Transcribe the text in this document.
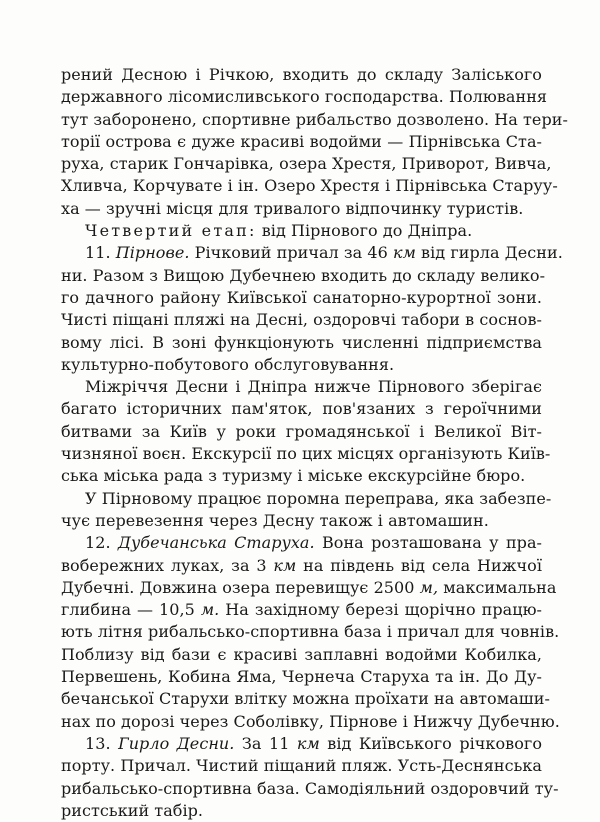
рений Десною і Річкою, входить до складу Заліського
державного лісомисливського господарства. Полювання
тут заборонено, спортивне рибальство дозволено. На тери-
торії острова є дуже красиві водойми — Пірнівська Ста-
руха, старик Гончарівка, озера Хрестя, Приворот, Вивча,
Хливча, Корчувате і ін. Озеро Хрестя і Пірнівська Старуу-
ха — зручні місця для тривалого відпочинку туристів.
Четвертий етап: від Пірнового до Дніпра.
11. Пірнове. Річковий причал за 46 км від гирла Десни.
ни. Разом з Вищою Дубечнею входить до складу велико-
го дачного району Київської санаторно-курортної зони.
Чисті піщані пляжі на Десні, оздоровчі табори в соснов-
вому лісі. В зоні функціонують численні підприємства
культурно-побутового обслуговування.
Міжріччя Десни і Дніпра нижче Пірнового зберігає
багато історичних пам'яток, пов'язаних з героїчними
битвами за Київ у роки громадянської і Великої Віт-
чизняної воєн. Екскурсії по цих місцях організують Київ-
ська міська рада з туризму і міське екскурсійне бюро.
У Пірновому працює поромна переправа, яка забезпе-
чує перевезення через Десну також і автомашин.
12. Дубечанська Старуха. Вона розташована у пра-
вобережних луках, за 3 км на південь від села Нижчої
Дубечні. Довжина озера перевищує 2500 м, максимальна
глибина — 10,5 м. На західному березі щорічно працю-
ють літня рибальсько-спортивна база і причал для човнів.
Поблизу від бази є красиві заплавні водойми Кобилка,
Первешень, Кобина Яма, Чернеча Старуха та ін. До Ду-
бечанської Старухи влітку можна проїхати на автомаши-
нах по дорозі через Соболівку, Пірнове і Нижчу Дубечню.
13. Гирло Десни. За 11 км від Київського річкового
порту. Причал. Чистий піщаний пляж. Усть-Деснянська
рибальсько-спортивна база. Самодіяльний оздоровчий ту-
ристський табір.
